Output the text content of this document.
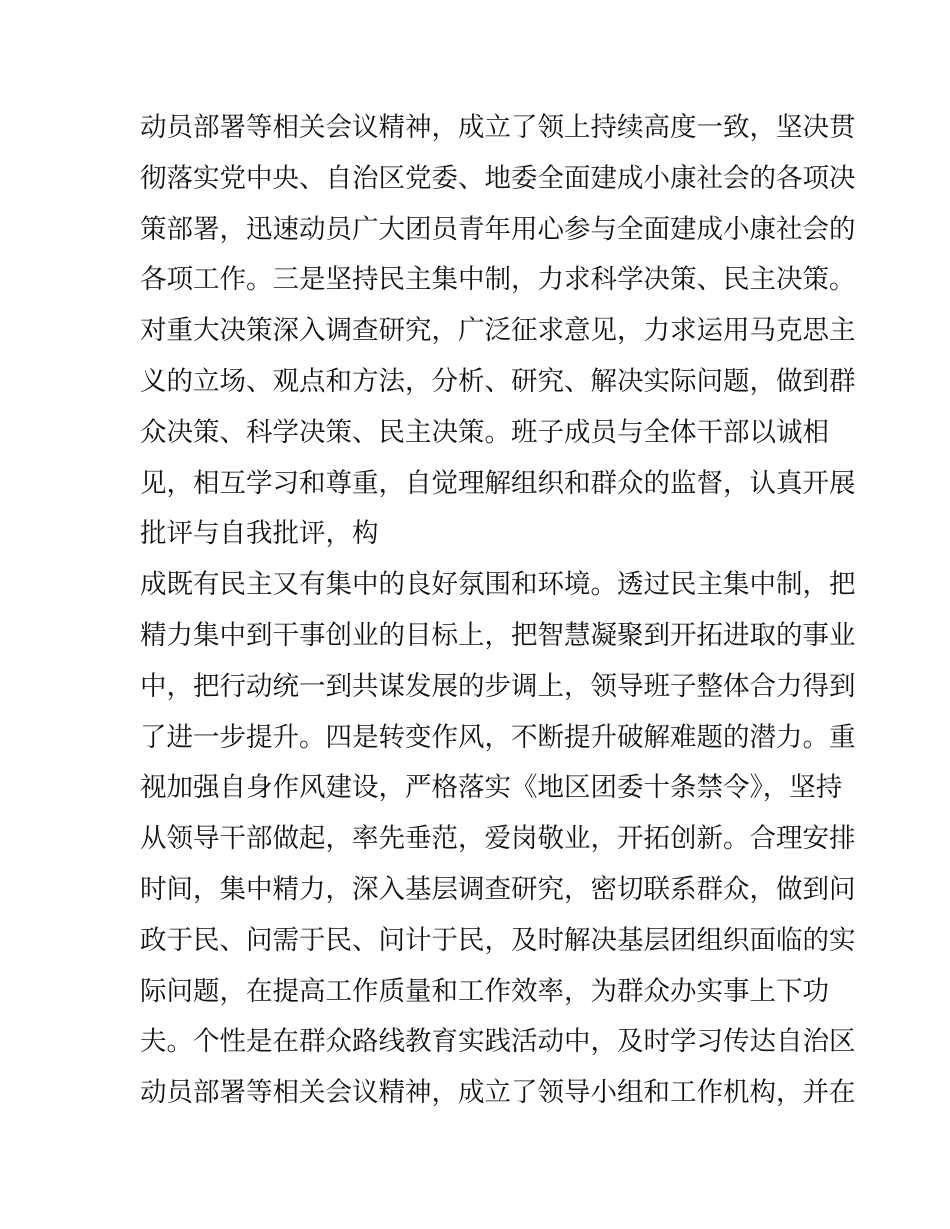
动员部署等相关会议精神，成立了领上持续高度一致，坚决贯
彻落实党中央、自治区党委、地委全面建成小康社会的各项决
策部署，迅速动员广大团员青年用心参与全面建成小康社会的
各项工作。三是坚持民主集中制，力求科学决策、民主决策。
对重大决策深入调查研究，广泛征求意见，力求运用马克思主
义的立场、观点和方法，分析、研究、解决实际问题，做到群
众决策、科学决策、民主决策。班子成员与全体干部以诚相
见，相互学习和尊重，自觉理解组织和群众的监督，认真开展
批评与自我批评，构
成既有民主又有集中的良好氛围和环境。透过民主集中制，把
精力集中到干事创业的目标上，把智慧凝聚到开拓进取的事业
中，把行动统一到共谋发展的步调上，领导班子整体合力得到
了进一步提升。四是转变作风，不断提升破解难题的潜力。重
视加强自身作风建设，严格落实《地区团委十条禁令》，坚持
从领导干部做起，率先垂范，爱岗敬业，开拓创新。合理安排
时间，集中精力，深入基层调查研究，密切联系群众，做到问
政于民、问需于民、问计于民，及时解决基层团组织面临的实
际问题，在提高工作质量和工作效率，为群众办实事上下功
夫。个性是在群众路线教育实践活动中，及时学习传达自治区
动员部署等相关会议精神，成立了领导小组和工作机构，并在
